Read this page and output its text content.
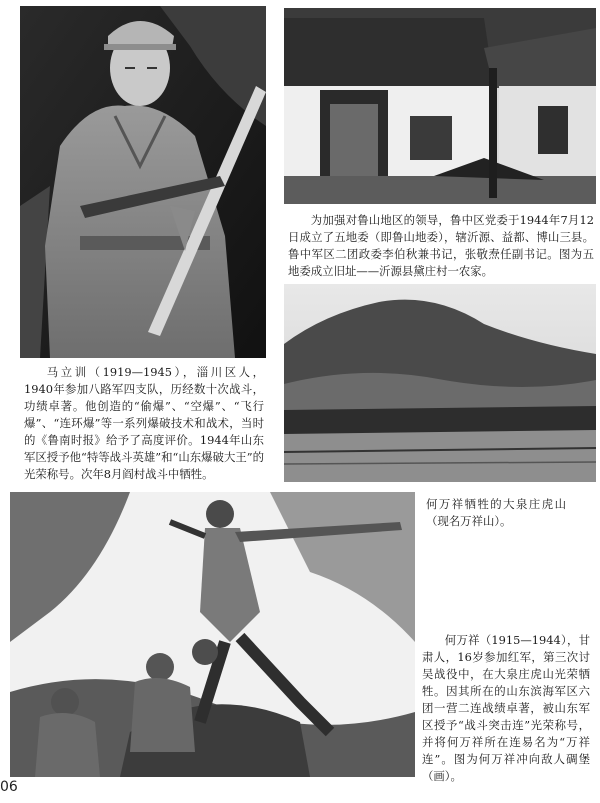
马立训（1919—1945），淄川区人，1940年参加八路军四支队，历经数十次战斗，功绩卓著。他创造的“偷爆”、“空爆”、“飞行爆”、“连环爆”等一系列爆破技术和战术，当时的《鲁南时报》给予了高度评价。1944年山东军区授予他“特等战斗英雄”和“山东爆破大王”的光荣称号。次年8月阎村战斗中牺牲。

为加强对鲁山地区的领导，鲁中区党委于1944年7月12日成立了五地委（即鲁山地委），辖沂源、益都、博山三县。鲁中军区二团政委李伯秋兼书记，张敬焘任副书记。图为五地委成立旧址——沂源县黛庄村一农家。

何万祥牺牲的大泉庄虎山（现名万祥山）。

何万祥（1915—1944），甘肃人，16岁参加红军，第三次讨吴战役中，在大泉庄虎山光荣牺牲。因其所在的山东滨海军区六团一营二连战绩卓著，被山东军区授予“战斗突击连”光荣称号，并将何万祥所在连易名为“万祥连”。图为何万祥冲向敌人碉堡（画）。

06
